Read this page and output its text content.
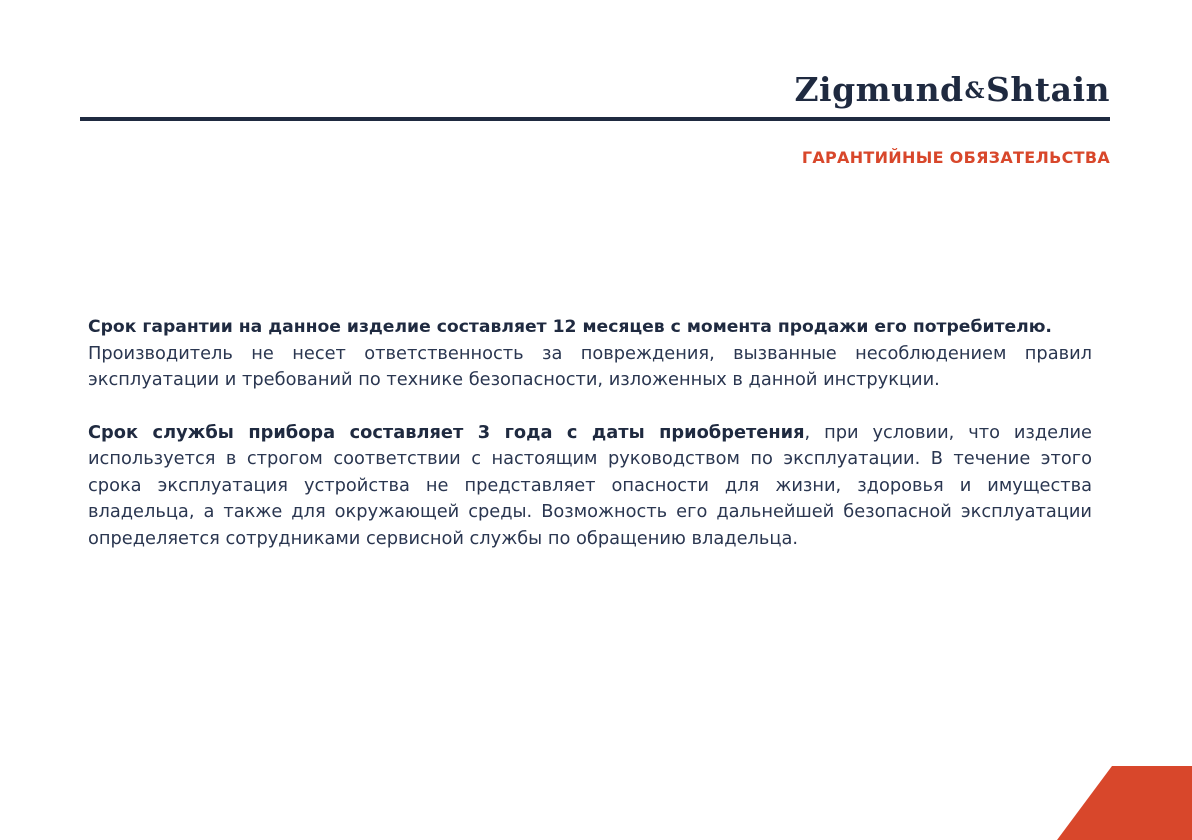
Zigmund&Shtain
ГАРАНТИЙНЫЕ ОБЯЗАТЕЛЬСТВА

Срок гарантии на данное изделие составляет 12 месяцев с момента продажи его потребителю.
Производитель не несет ответственность за повреждения, вызванные несоблюдением правил эксплуатации и требований по технике безопасности, изложенных в данной инструкции.

Срок службы прибора составляет 3 года с даты приобретения, при условии, что изделие используется в строгом соответствии с настоящим руководством по эксплуатации. В течение этого срока эксплуатация устройства не представляет опасности для жизни, здоровья и имущества владельца, а также для окружающей среды. Возможность его дальнейшей безопасной эксплуатации определяется сотрудниками сервисной службы по обращению владельца.
